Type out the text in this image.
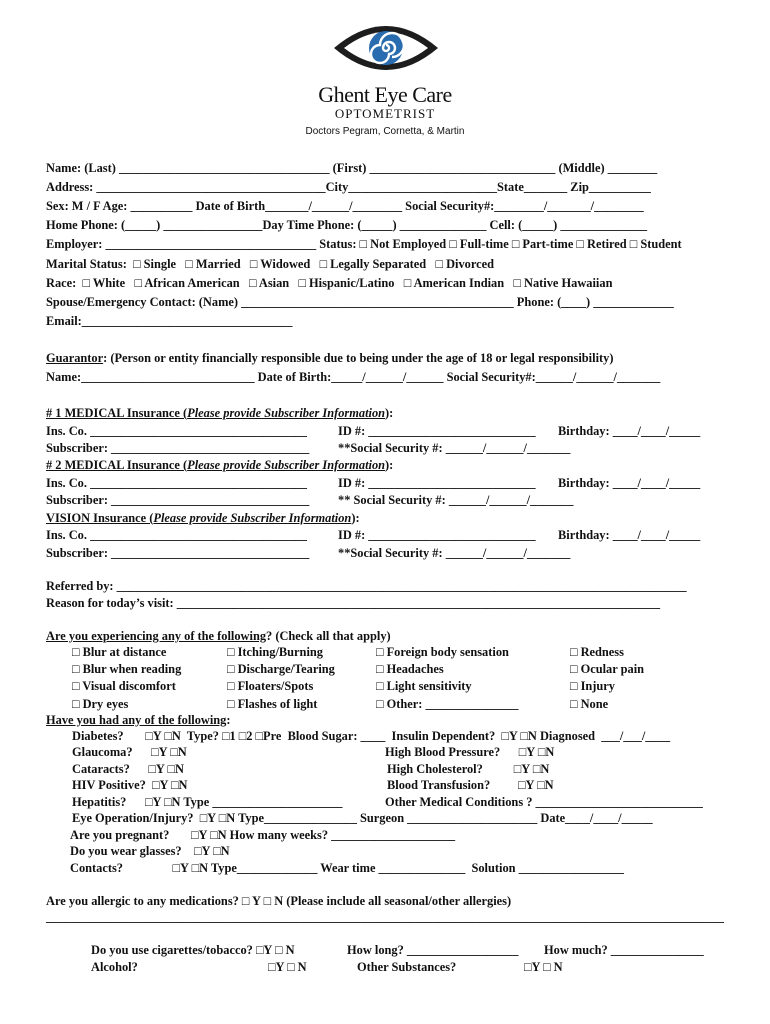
Ghent Eye Care
OPTOMETRIST
Doctors Pegram, Cornetta, & Martin
Name: (Last) __________________________________ (First) ______________________________ (Middle) ________
Address: _____________________________________City________________________State_______ Zip__________
Sex: M / F Age: __________ Date of Birth_______/______/________ Social Security#:________/_______/________
Home Phone: (_____) ________________Day Time Phone: (_____) ______________ Cell: (_____) ______________
Employer: __________________________________ Status: □ Not Employed □ Full-time □ Part-time □ Retired □ Student
Marital Status:  □ Single   □ Married   □ Widowed   □ Legally Separated   □ Divorced
Race:  □ White   □ African American   □ Asian   □ Hispanic/Latino   □ American Indian   □ Native Hawaiian
Spouse/Emergency Contact: (Name) ____________________________________________ Phone: (____) _____________
Email:__________________________________
Guarantor: (Person or entity financially responsible due to being under the age of 18 or legal responsibility)
Name:____________________________ Date of Birth:_____/______/______ Social Security#:______/______/_______
# 1 MEDICAL Insurance (Please provide Subscriber Information):
Ins. Co. ___________________________________	ID #: ___________________________ Birthday: ____/____/_____
Subscriber: ________________________________ **Social Security #: ______/______/_______
# 2 MEDICAL Insurance (Please provide Subscriber Information):
Ins. Co. ___________________________________	ID #: ___________________________ Birthday: ____/____/_____
Subscriber: ________________________________ ** Social Security #: ______/______/_______
VISION Insurance (Please provide Subscriber Information):
Ins. Co. ___________________________________	ID #: ___________________________ Birthday: ____/____/_____
Subscriber: ________________________________ **Social Security #: ______/______/_______
Referred by: ____________________________________________________________________________________________
Reason for today’s visit: ______________________________________________________________________________
Are you experiencing any of the following? (Check all that apply)
□ Blur at distance	□ Itching/Burning	□ Foreign body sensation	□ Redness
□ Blur when reading	□ Discharge/Tearing	□ Headaches	□ Ocular pain
□ Visual discomfort	□ Floaters/Spots	□ Light sensitivity	□ Injury
□ Dry eyes	□ Flashes of light	□ Other: _______________	□ None
Have you had any of the following:
Diabetes?       □Y □N  Type? □1 □2 □Pre  Blood Sugar: ____  Insulin Dependent?  □Y □N Diagnosed  ___/___/____
Glaucoma?      □Y □N	High Blood Pressure?      □Y □N
Cataracts?      □Y □N	High Cholesterol?          □Y □N
HIV Positive?  □Y □N	Blood Transfusion?         □Y □N
Hepatitis?      □Y □N Type _____________________	Other Medical Conditions ? ___________________________
Eye Operation/Injury?  □Y □N Type_______________ Surgeon _____________________ Date____/____/_____
Are you pregnant?       □Y □N How many weeks? ____________________
Do you wear glasses?    □Y □N
Contacts?                □Y □N Type_____________ Wear time ______________  Solution _________________
Are you allergic to any medications? □ Y □ N (Please include all seasonal/other allergies)
________________________________________________________________________________________________________________
Do you use cigarettes/tobacco? □Y □ N	How long? __________________ How much? _______________
Alcohol?	□Y □ N	Other Substances?	□Y □ N
